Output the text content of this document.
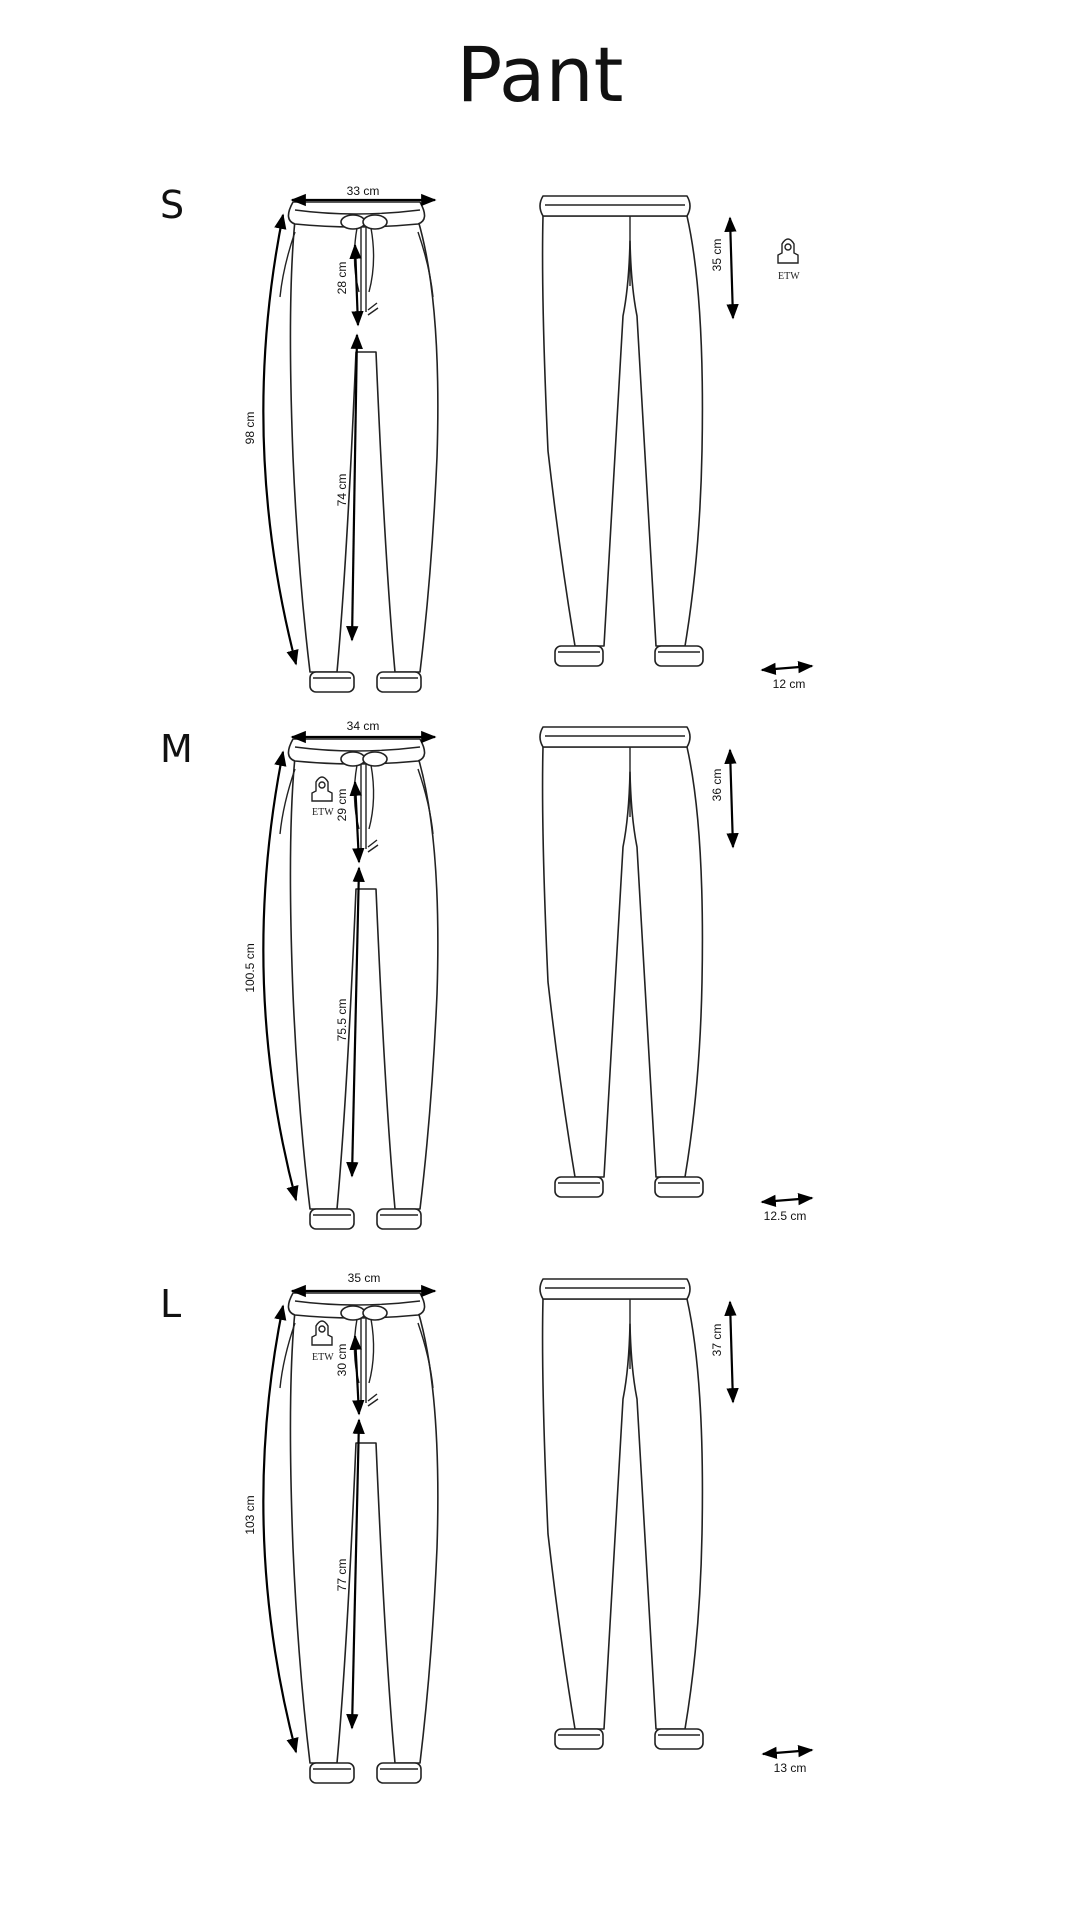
Pant
S
M
L
ETW
33 cm
98 cm
28 cm
74 cm
35 cm
12 cm
ETW
34 cm
100.5 cm
29 cm
75.5 cm
36 cm
12.5 cm
ETW
35 cm
103 cm
30 cm
77 cm
37 cm
13 cm
